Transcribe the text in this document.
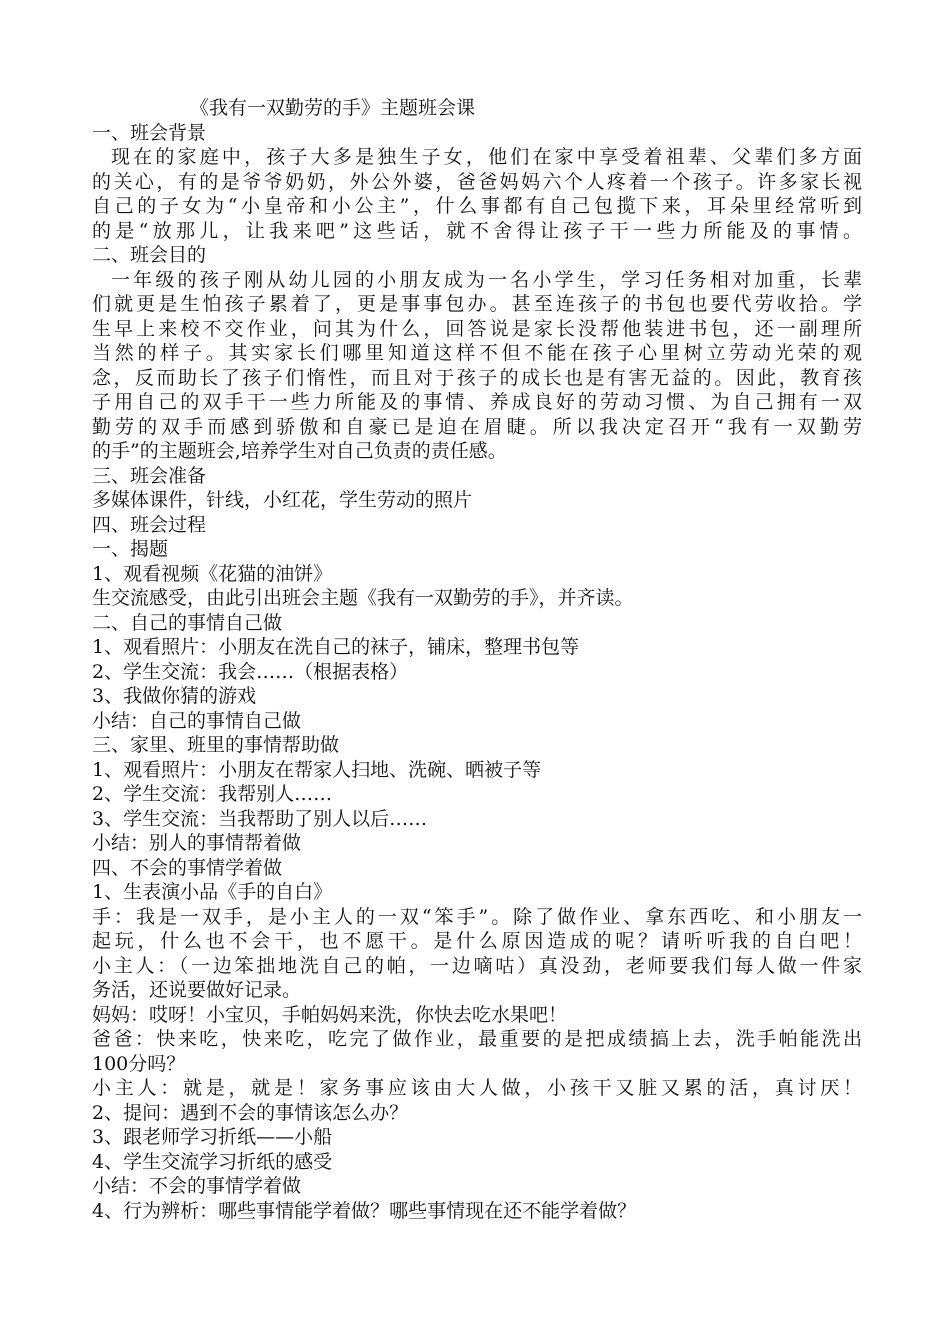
《我有一双勤劳的手》主题班会课
一、班会背景
现在的家庭中，孩子大多是独生子女，他们在家中享受着祖辈、父辈们多方面
的关心，有的是爷爷奶奶，外公外婆，爸爸妈妈六个人疼着一个孩子。许多家长视
自己的子女为“小皇帝和小公主”，什么事都有自己包揽下来，耳朵里经常听到
的是“放那儿，让我来吧”这些话，就不舍得让孩子干一些力所能及的事情。
二、班会目的
一年级的孩子刚从幼儿园的小朋友成为一名小学生，学习任务相对加重，长辈
们就更是生怕孩子累着了，更是事事包办。甚至连孩子的书包也要代劳收拾。学
生早上来校不交作业，问其为什么，回答说是家长没帮他装进书包，还一副理所
当然的样子。其实家长们哪里知道这样不但不能在孩子心里树立劳动光荣的观
念，反而助长了孩子们惰性，而且对于孩子的成长也是有害无益的。因此，教育孩
子用自己的双手干一些力所能及的事情、养成良好的劳动习惯、为自己拥有一双
勤劳的双手而感到骄傲和自豪已是迫在眉睫。所以我决定召开“我有一双勤劳
的手”的主题班会,培养学生对自己负责的责任感。
三、班会准备
多媒体课件，针线，小红花，学生劳动的照片
四、班会过程
一、揭题
1、观看视频《花猫的油饼》
生交流感受，由此引出班会主题《我有一双勤劳的手》，并齐读。
二、自己的事情自己做
1、观看照片：小朋友在洗自己的袜子，铺床，整理书包等
2、学生交流：我会……（根据表格）
3、我做你猜的游戏
小结：自己的事情自己做
三、家里、班里的事情帮助做
1、观看照片：小朋友在帮家人扫地、洗碗、晒被子等
2、学生交流：我帮别人……
3、学生交流：当我帮助了别人以后……
小结：别人的事情帮着做
四、不会的事情学着做
1、生表演小品《手的自白》
手：我是一双手，是小主人的一双“笨手”。除了做作业、拿东西吃、和小朋友一
起玩，什么也不会干，也不愿干。是什么原因造成的呢？请听听我的自白吧！
小主人：（一边笨拙地洗自己的帕，一边嘀咕）真没劲，老师要我们每人做一件家
务活，还说要做好记录。
妈妈：哎呀！小宝贝，手帕妈妈来洗，你快去吃水果吧！
爸爸：快来吃，快来吃，吃完了做作业，最重要的是把成绩搞上去，洗手帕能洗出
100分吗？
小主人：就是，就是！家务事应该由大人做，小孩干又脏又累的活，真讨厌！
2、提问：遇到不会的事情该怎么办？
3、跟老师学习折纸——小船
4、学生交流学习折纸的感受
小结：不会的事情学着做
4、行为辨析：哪些事情能学着做？哪些事情现在还不能学着做？
